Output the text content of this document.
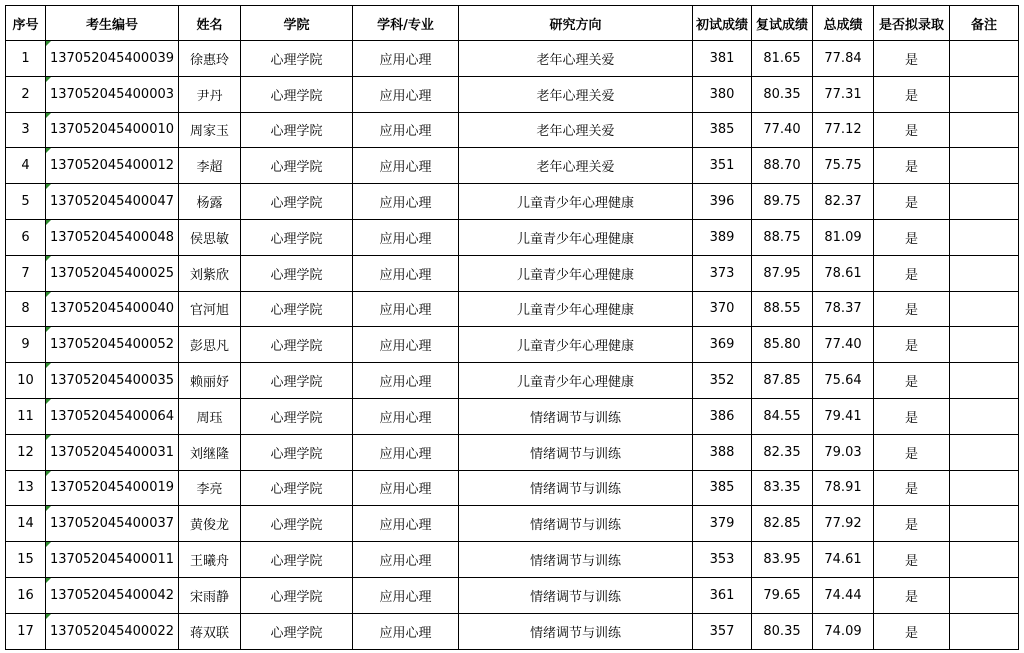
序号	考生编号	姓名	学院	学科/专业	研究方向	初试成绩	复试成绩	总成绩	是否拟录取	备注
1	137052045400039	徐惠玲	心理学院	应用心理	老年心理关爱	381	81.65	77.84	是	
2	137052045400003	尹丹	心理学院	应用心理	老年心理关爱	380	80.35	77.31	是	
3	137052045400010	周家玉	心理学院	应用心理	老年心理关爱	385	77.40	77.12	是	
4	137052045400012	李超	心理学院	应用心理	老年心理关爱	351	88.70	75.75	是	
5	137052045400047	杨露	心理学院	应用心理	儿童青少年心理健康	396	89.75	82.37	是	
6	137052045400048	侯思敏	心理学院	应用心理	儿童青少年心理健康	389	88.75	81.09	是	
7	137052045400025	刘紫欣	心理学院	应用心理	儿童青少年心理健康	373	87.95	78.61	是	
8	137052045400040	官河旭	心理学院	应用心理	儿童青少年心理健康	370	88.55	78.37	是	
9	137052045400052	彭思凡	心理学院	应用心理	儿童青少年心理健康	369	85.80	77.40	是	
10	137052045400035	赖丽妤	心理学院	应用心理	儿童青少年心理健康	352	87.85	75.64	是	
11	137052045400064	周珏	心理学院	应用心理	情绪调节与训练	386	84.55	79.41	是	
12	137052045400031	刘继隆	心理学院	应用心理	情绪调节与训练	388	82.35	79.03	是	
13	137052045400019	李亮	心理学院	应用心理	情绪调节与训练	385	83.35	78.91	是	
14	137052045400037	黄俊龙	心理学院	应用心理	情绪调节与训练	379	82.85	77.92	是	
15	137052045400011	王曦舟	心理学院	应用心理	情绪调节与训练	353	83.95	74.61	是	
16	137052045400042	宋雨静	心理学院	应用心理	情绪调节与训练	361	79.65	74.44	是	
17	137052045400022	蒋双联	心理学院	应用心理	情绪调节与训练	357	80.35	74.09	是	
